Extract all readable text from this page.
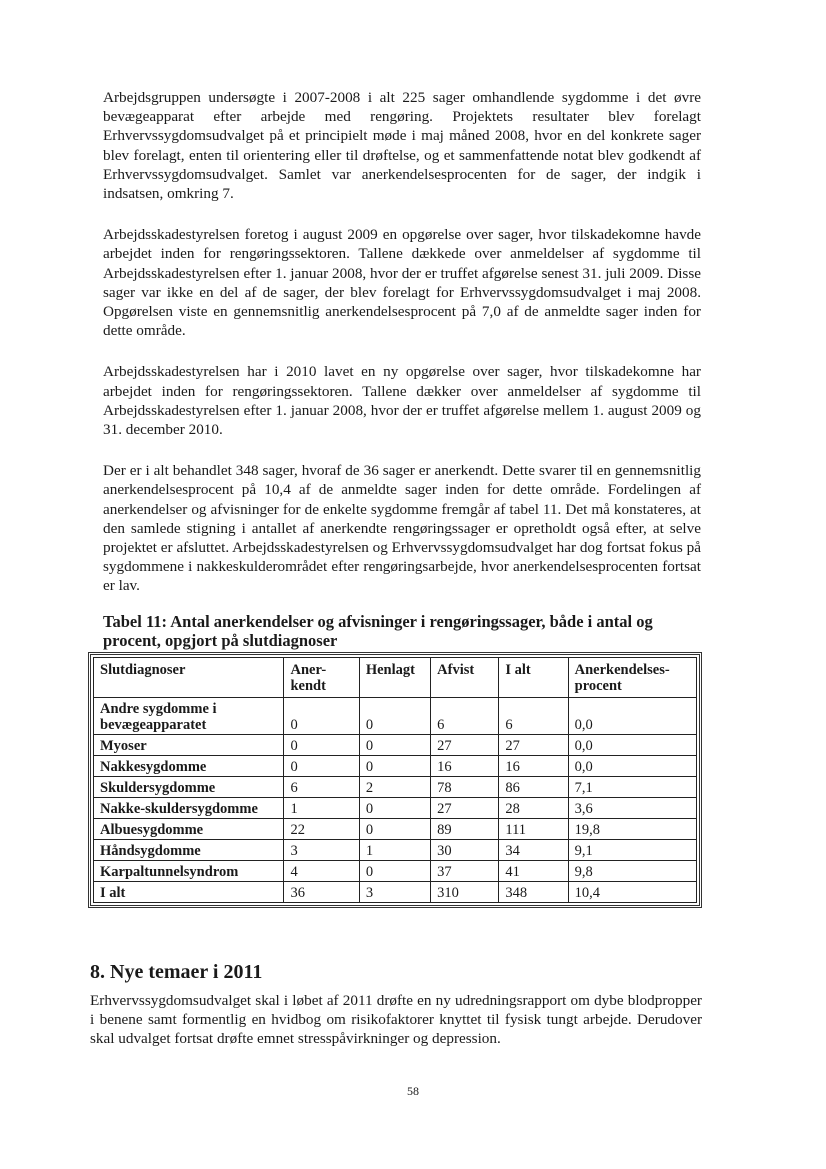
Arbejdsgruppen undersøgte i 2007-2008 i alt 225 sager omhandlende sygdomme i det øvre bevægeapparat efter arbejde med rengøring. Projektets resultater blev forelagt Erhvervssygdomsudvalget på et principielt møde i maj måned 2008, hvor en del konkrete sager blev forelagt, enten til orientering eller til drøftelse, og et sammenfattende notat blev godkendt af Erhvervssygdomsudvalget. Samlet var anerkendelsesprocenten for de sager, der indgik i indsatsen, omkring 7.

Arbejdsskadestyrelsen foretog i august 2009 en opgørelse over sager, hvor tilskadekomne havde arbejdet inden for rengøringssektoren. Tallene dækkede over anmeldelser af sygdomme til Arbejdsskadestyrelsen efter 1. januar 2008, hvor der er truffet afgørelse senest 31. juli 2009. Disse sager var ikke en del af de sager, der blev forelagt for Erhvervssygdomsudvalget i maj 2008. Opgørelsen viste en gennemsnitlig anerkendelsesprocent på 7,0 af de anmeldte sager inden for dette område.

Arbejdsskadestyrelsen har i 2010 lavet en ny opgørelse over sager, hvor tilskadekomne har arbejdet inden for rengøringssektoren. Tallene dækker over anmeldelser af sygdomme til Arbejdsskadestyrelsen efter 1. januar 2008, hvor der er truffet afgørelse mellem 1. august 2009 og 31. december 2010.

Der er i alt behandlet 348 sager, hvoraf de 36 sager er anerkendt. Dette svarer til en gennemsnitlig anerkendelsesprocent på 10,4 af de anmeldte sager inden for dette område. Fordelingen af anerkendelser og afvisninger for de enkelte sygdomme fremgår af tabel 11. Det må konstateres, at den samlede stigning i antallet af anerkendte rengøringssager er opretholdt også efter, at selve projektet er afsluttet. Arbejdsskadestyrelsen og Erhvervssygdomsudvalget har dog fortsat fokus på sygdommene i nakkeskulderområdet efter rengøringsarbejde, hvor anerkendelsesprocenten fortsat er lav.

Tabel 11: Antal anerkendelser og afvisninger i rengøringssager, både i antal og procent, opgjort på slutdiagnoser

Slutdiagnoser	Aner-kendt	Henlagt	Afvist	I alt	Anerkendelses-procent
Andre sygdomme i bevægeapparatet	0	0	6	6	0,0
Myoser	0	0	27	27	0,0
Nakkesygdomme	0	0	16	16	0,0
Skuldersygdomme	6	2	78	86	7,1
Nakke-skuldersygdomme	1	0	27	28	3,6
Albuesygdomme	22	0	89	111	19,8
Håndsygdomme	3	1	30	34	9,1
Karpaltunnelsyndrom	4	0	37	41	9,8
I alt	36	3	310	348	10,4
8. Nye temaer i 2011

Erhvervssygdomsudvalget skal i løbet af 2011 drøfte en ny udredningsrapport om dybe blodpropper i benene samt formentlig en hvidbog om risikofaktorer knyttet til fysisk tungt arbejde. Derudover skal udvalget fortsat drøfte emnet stresspåvirkninger og depression.

58
